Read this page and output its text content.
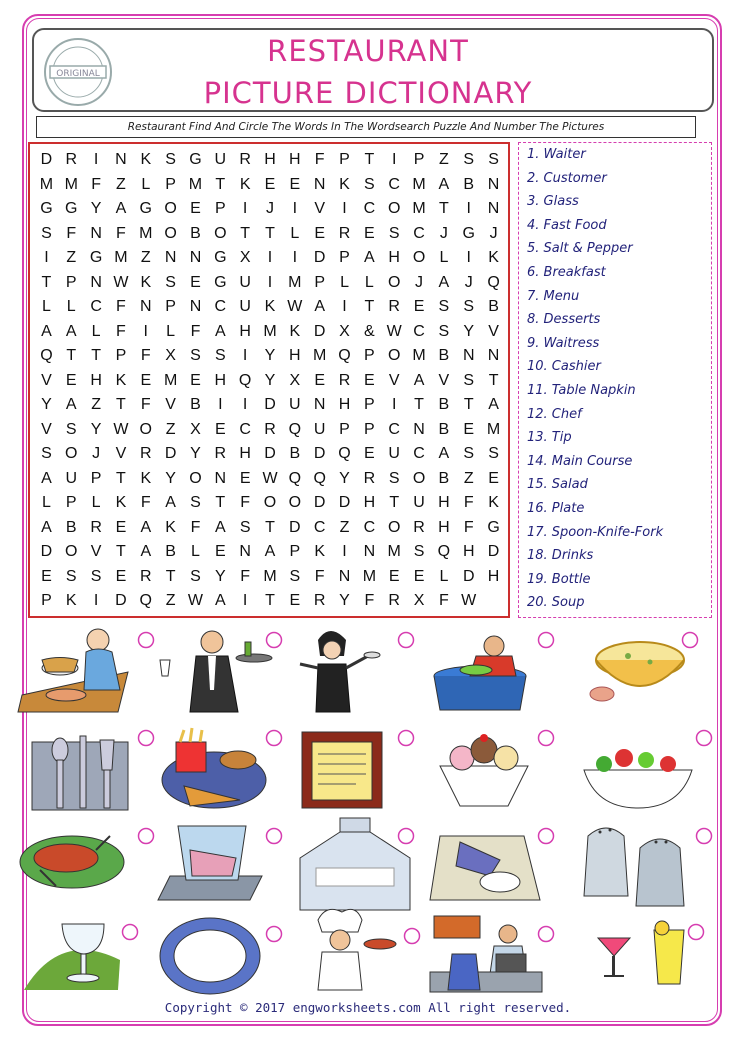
ORIGINAL
RESTAURANT
PICTURE DICTIONARY
Restaurant Find And Circle The Words In The Wordsearch Puzzle And Number The Pictures
D R	I	N K S G U R H H F P T	I	P Z S S
M M F Z L P M T K E E N K S C M A B N
G G Y A G O E P	I	J	I	V	I	C O M T	I	N
S F N F M O B O T T L E R E S C J G J
I	Z G M Z N N G X	I	I	D P A H O L	I	K
T P N W K S E G U	I M P L L O J A J Q
L L C F N P N C U K W A	I	T R E S S B
A A L F	I	L F A H M K D X & W C S Y V
Q T T P F X S S	I	Y H M Q P O M B N N
V E H K E M E H Q Y X E R E V A V S T
Y A Z T F V B	I	I	D U N H P	I	T B T A
V S Y W O Z X E C R Q U P P C N B E M
S O J V R D Y R H D B D Q E U C A S S
A U P T K Y O N E W Q Q Y R S O B Z E
L P L K F A S T F O O D D H T U H F K
A B R E A K F A S T D C Z C O R H F G
D O V T A B L E N A P K	I	N M S Q H D
E S S E R T S Y F M S F N M E E L D H
P K	I	D Q Z W A	I	T E R Y F R X F W
1. Waiter
2. Customer
3. Glass
4. Fast Food
5. Salt & Pepper
6. Breakfast
7. Menu
8. Desserts
9. Waitress
10. Cashier
11. Table Napkin
12. Chef
13. Tip
14. Main Course
15. Salad
16. Plate
17. Spoon-Knife-Fork
18. Drinks
19. Bottle
20. Soup
Copyright © 2017 engworksheets.com All right reserved.
